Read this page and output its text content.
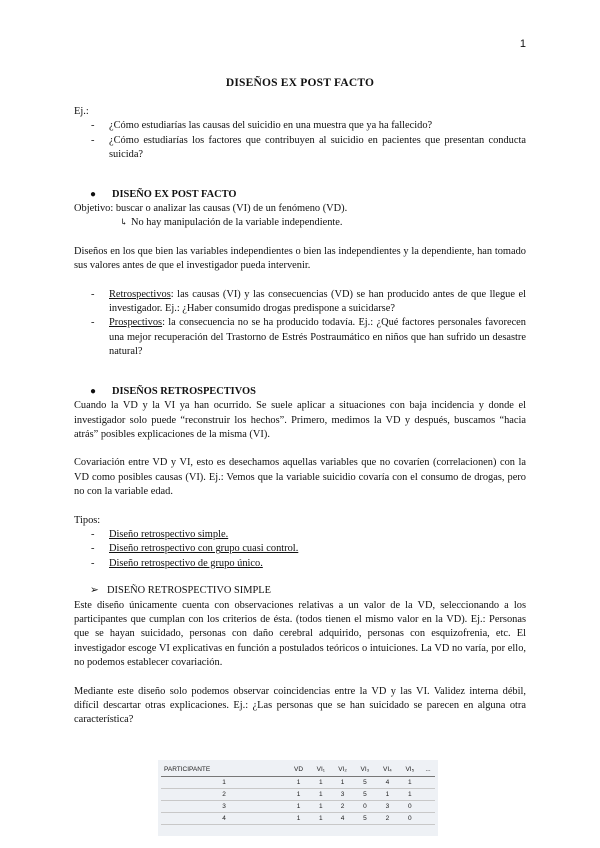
1
DISEÑOS EX POST FACTO

Ej.:

- ¿Cómo estudiarías las causas del suicidio en una muestra que ya ha fallecido?
- ¿Cómo estudiarías los factores que contribuyen al suicidio en pacientes que presentan conducta suicida?
● DISEÑO EX POST FACTO

Objetivo: buscar o analizar las causas (VI) de un fenómeno (VD).

↳ No hay manipulación de la variable independiente.

Diseños en los que bien las variables independientes o bien las independientes y la dependiente, han tomado sus valores antes de que el investigador pueda intervenir.

- Retrospectivos: las causas (VI) y las consecuencias (VD) se han producido antes de que llegue el investigador. Ej.: ¿Haber consumido drogas predispone a suicidarse?
- Prospectivos: la consecuencia no se ha producido todavía. Ej.: ¿Qué factores personales favorecen una mejor recuperación del Trastorno de Estrés Postraumático en niños que han sufrido un desastre natural?
● DISEÑOS RETROSPECTIVOS

Cuando la VD y la VI ya han ocurrido. Se suele aplicar a situaciones con baja incidencia y donde el investigador solo puede “reconstruir los hechos”. Primero, medimos la VD y después, buscamos “hacia atrás” posibles explicaciones de la misma (VI).

Covariación entre VD y VI, esto es desechamos aquellas variables que no covaríen (correlacionen) con la VD como posibles causas (VI). Ej.: Vemos que la variable suicidio covaría con el consumo de drogas, pero no con la variable edad.

Tipos:

- Diseño retrospectivo simple.
- Diseño retrospectivo con grupo cuasi control.
- Diseño retrospectivo de grupo único.
➢ DISEÑO RETROSPECTIVO SIMPLE

Este diseño únicamente cuenta con observaciones relativas a un valor de la VD, seleccionando a los participantes que cumplan con los criterios de ésta. (todos tienen el mismo valor en la VD). Ej.: Personas que se hayan suicidado, personas con daño cerebral adquirido, personas con esquizofrenia, etc. El investigador escoge VI explicativas en función a postulados teóricos o intuiciones. La VD no varía, por ello, no podemos establecer covariación.

Mediante este diseño solo podemos observar coincidencias entre la VD y las VI. Validez interna débil, difícil descartar otras explicaciones. Ej.: ¿Las personas que se han suicidado se parecen en alguna otra característica?

PARTICIPANTE	VD	VI₁	VI₂	VI₃	VI₄	VI₅	...
1	1	1	1	5	4	1	
2	1	1	3	5	1	1	
3	1	1	2	0	3	0	
4	1	1	4	5	2	0	
